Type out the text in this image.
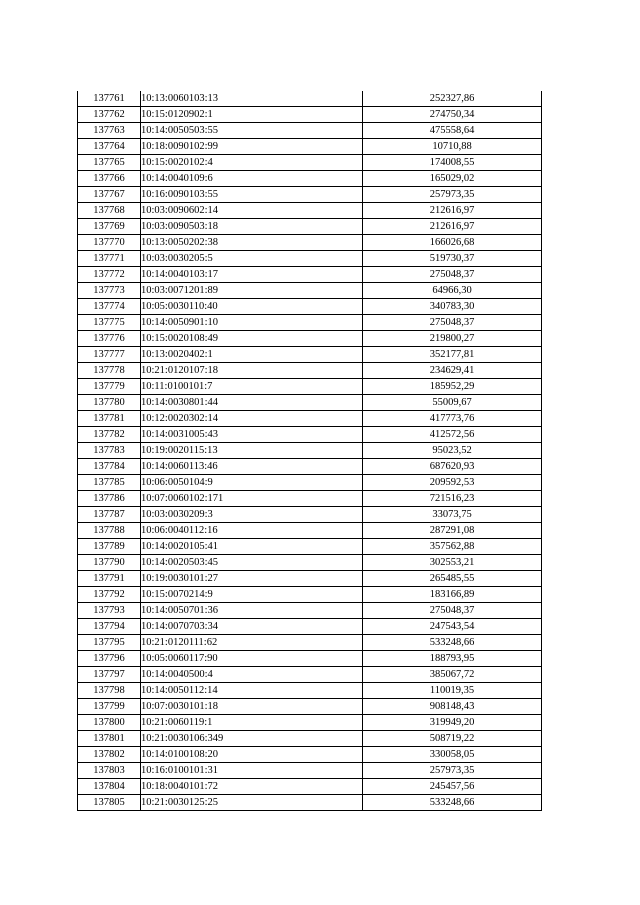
137761	10:13:0060103:13	252327,86
137762	10:15:0120902:1	274750,34
137763	10:14:0050503:55	475558,64
137764	10:18:0090102:99	10710,88
137765	10:15:0020102:4	174008,55
137766	10:14:0040109:6	165029,02
137767	10:16:0090103:55	257973,35
137768	10:03:0090602:14	212616,97
137769	10:03:0090503:18	212616,97
137770	10:13:0050202:38	166026,68
137771	10:03:0030205:5	519730,37
137772	10:14:0040103:17	275048,37
137773	10:03:0071201:89	64966,30
137774	10:05:0030110:40	340783,30
137775	10:14:0050901:10	275048,37
137776	10:15:0020108:49	219800,27
137777	10:13:0020402:1	352177,81
137778	10:21:0120107:18	234629,41
137779	10:11:0100101:7	185952,29
137780	10:14:0030801:44	55009,67
137781	10:12:0020302:14	417773,76
137782	10:14:0031005:43	412572,56
137783	10:19:0020115:13	95023,52
137784	10:14:0060113:46	687620,93
137785	10:06:0050104:9	209592,53
137786	10:07:0060102:171	721516,23
137787	10:03:0030209:3	33073,75
137788	10:06:0040112:16	287291,08
137789	10:14:0020105:41	357562,88
137790	10:14:0020503:45	302553,21
137791	10:19:0030101:27	265485,55
137792	10:15:0070214:9	183166,89
137793	10:14:0050701:36	275048,37
137794	10:14:0070703:34	247543,54
137795	10:21:0120111:62	533248,66
137796	10:05:0060117:90	188793,95
137797	10:14:0040500:4	385067,72
137798	10:14:0050112:14	110019,35
137799	10:07:0030101:18	908148,43
137800	10:21:0060119:1	319949,20
137801	10:21:0030106:349	508719,22
137802	10:14:0100108:20	330058,05
137803	10:16:0100101:31	257973,35
137804	10:18:0040101:72	245457,56
137805	10:21:0030125:25	533248,66
